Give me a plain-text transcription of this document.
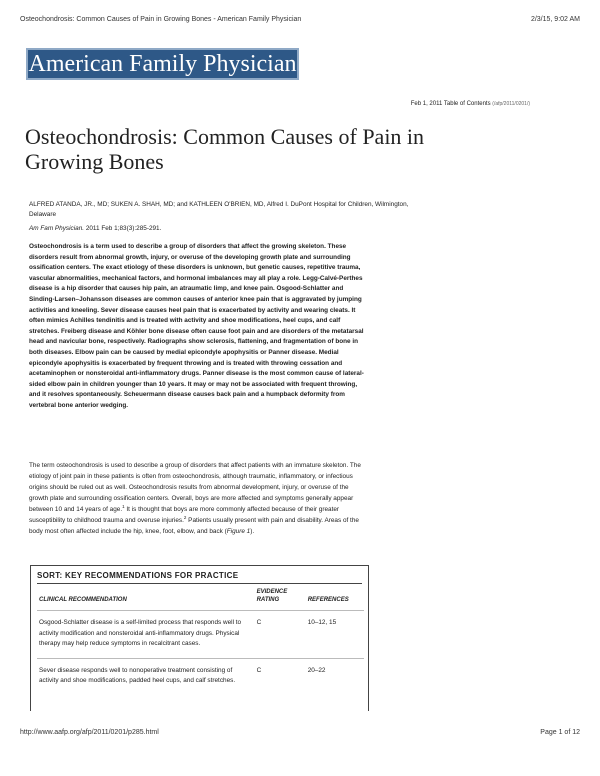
Osteochondrosis: Common Causes of Pain in Growing Bones - American Family Physician	2/3/15, 9:02 AM
American Family Physician
Feb 1, 2011 Table of Contents (/afp/2011/0201/)
Osteochondrosis: Common Causes of Pain in Growing Bones
ALFRED ATANDA, JR., MD; SUKEN A. SHAH, MD; and KATHLEEN O'BRIEN, MD, Alfred I. DuPont Hospital for Children, Wilmington, Delaware
Am Fam Physician. 2011 Feb 1;83(3):285-291.

Osteochondrosis is a term used to describe a group of disorders that affect the growing skeleton. These disorders result from abnormal growth, injury, or overuse of the developing growth plate and surrounding ossification centers. The exact etiology of these disorders is unknown, but genetic causes, repetitive trauma, vascular abnormalities, mechanical factors, and hormonal imbalances may all play a role. Legg-Calvé-Perthes disease is a hip disorder that causes hip pain, an atraumatic limp, and knee pain. Osgood-Schlatter and Sinding-Larsen–Johansson diseases are common causes of anterior knee pain that is aggravated by jumping activities and kneeling. Sever disease causes heel pain that is exacerbated by activity and wearing cleats. It often mimics Achilles tendinitis and is treated with activity and shoe modifications, heel cups, and calf stretches. Freiberg disease and Köhler bone disease often cause foot pain and are disorders of the metatarsal head and navicular bone, respectively. Radiographs show sclerosis, flattening, and fragmentation of bone in both diseases. Elbow pain can be caused by medial epicondyle apophysitis or Panner disease. Medial epicondyle apophysitis is exacerbated by frequent throwing and is treated with throwing cessation and acetaminophen or nonsteroidal anti-inflammatory drugs. Panner disease is the most common cause of lateral-sided elbow pain in children younger than 10 years. It may or may not be associated with frequent throwing, and it resolves spontaneously. Scheuermann disease causes back pain and a humpback deformity from vertebral bone anterior wedging.

The term osteochondrosis is used to describe a group of disorders that affect patients with an immature skeleton. The etiology of joint pain in these patients is often from osteochondrosis, although traumatic, inflammatory, or infectious origins should be ruled out as well. Osteochondrosis results from abnormal development, injury, or overuse of the growth plate and surrounding ossification centers. Overall, boys are more affected and symptoms generally appear between 10 and 14 years of age.$^1$ It is thought that boys are more commonly affected because of their greater susceptibility to childhood trauma and overuse injuries.$^2$ Patients usually present with pain and disability. Areas of the body most often affected include the hip, knee, foot, elbow, and back (Figure 1).

SORT: KEY RECOMMENDATIONS FOR PRACTICE
CLINICAL RECOMMENDATION	EVIDENCE RATING	REFERENCES
Osgood-Schlatter disease is a self-limited process that responds well to activity modification and nonsteroidal anti-inflammatory drugs. Physical therapy may help reduce symptoms in recalcitrant cases.	C	10–12, 15
Sever disease responds well to nonoperative treatment consisting of activity and shoe modifications, padded heel cups, and calf stretches.	C	20–22
http://www.aafp.org/afp/2011/0201/p285.html	Page 1 of 12
